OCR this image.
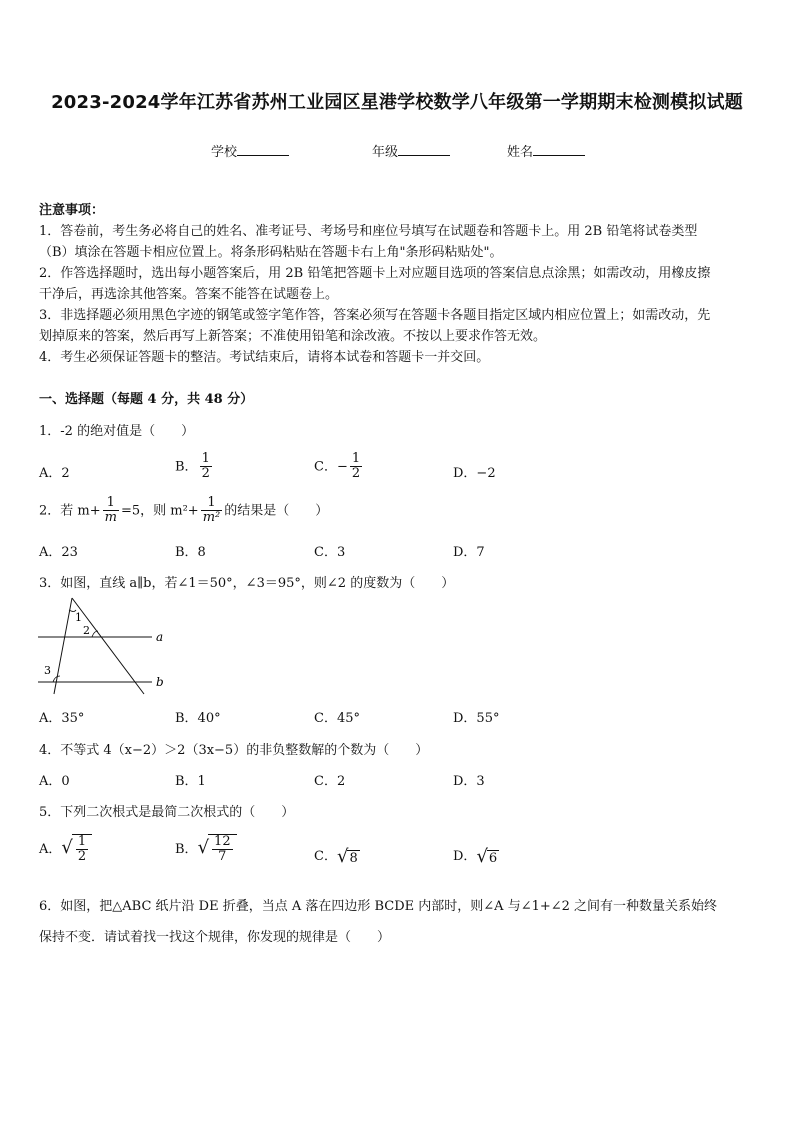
2023-2024学年江苏省苏州工业园区星港学校数学八年级第一学期期末检测模拟试题
学校	年级	姓名
注意事项：
1．答卷前，考生务必将自己的姓名、准考证号、考场号和座位号填写在试题卷和答题卡上。用 2B 铅笔将试卷类型
（B）填涂在答题卡相应位置上。将条形码粘贴在答题卡右上角"条形码粘贴处"。
2．作答选择题时，选出每小题答案后，用 2B 铅笔把答题卡上对应题目选项的答案信息点涂黑；如需改动，用橡皮擦
干净后，再选涂其他答案。答案不能答在试题卷上。
3．非选择题必须用黑色字迹的钢笔或签字笔作答，答案必须写在答题卡各题目指定区域内相应位置上；如需改动，先
划掉原来的答案，然后再写上新答案；不准使用铅笔和涂改液。不按以上要求作答无效。
4．考生必须保证答题卡的整洁。考试结束后，请将本试卷和答题卡一并交回。
一、选择题（每题 4 分，共 48 分）
1．-2 的绝对值是（　　）
A．2	B． $\frac{1}{2}$	C．− $\frac{1}{2}$	D．−2
2．若 $m+ \frac{1}{m} =5$，则 $m^2+ \frac{1}{\text{m²}}$ 的结果是（　　）
A．23	B．8	C．3	D．7
3．如图，直线 a∥b，若∠1＝50°，∠3＝95°，则∠2 的度数为（　　）
1
2
3
a
b
A．35°	B．40°	C．45°	D．55°
4．不等式 4（x−2）＞2（3x−5）的非负整数解的个数为（　　）
A．0	B．1	C．2	D．3
5．下列二次根式是最简二次根式的（　　）
A．√ $\frac{1}{2}$	B．√ $\frac{12}{7}$	C．√8	D．√6
6．如图，把△ABC 纸片沿 DE 折叠，当点 A 落在四边形 BCDE 内部时，则∠A 与∠1+∠2 之间有一种数量关系始终
保持不变．请试着找一找这个规律，你发现的规律是（　　）
